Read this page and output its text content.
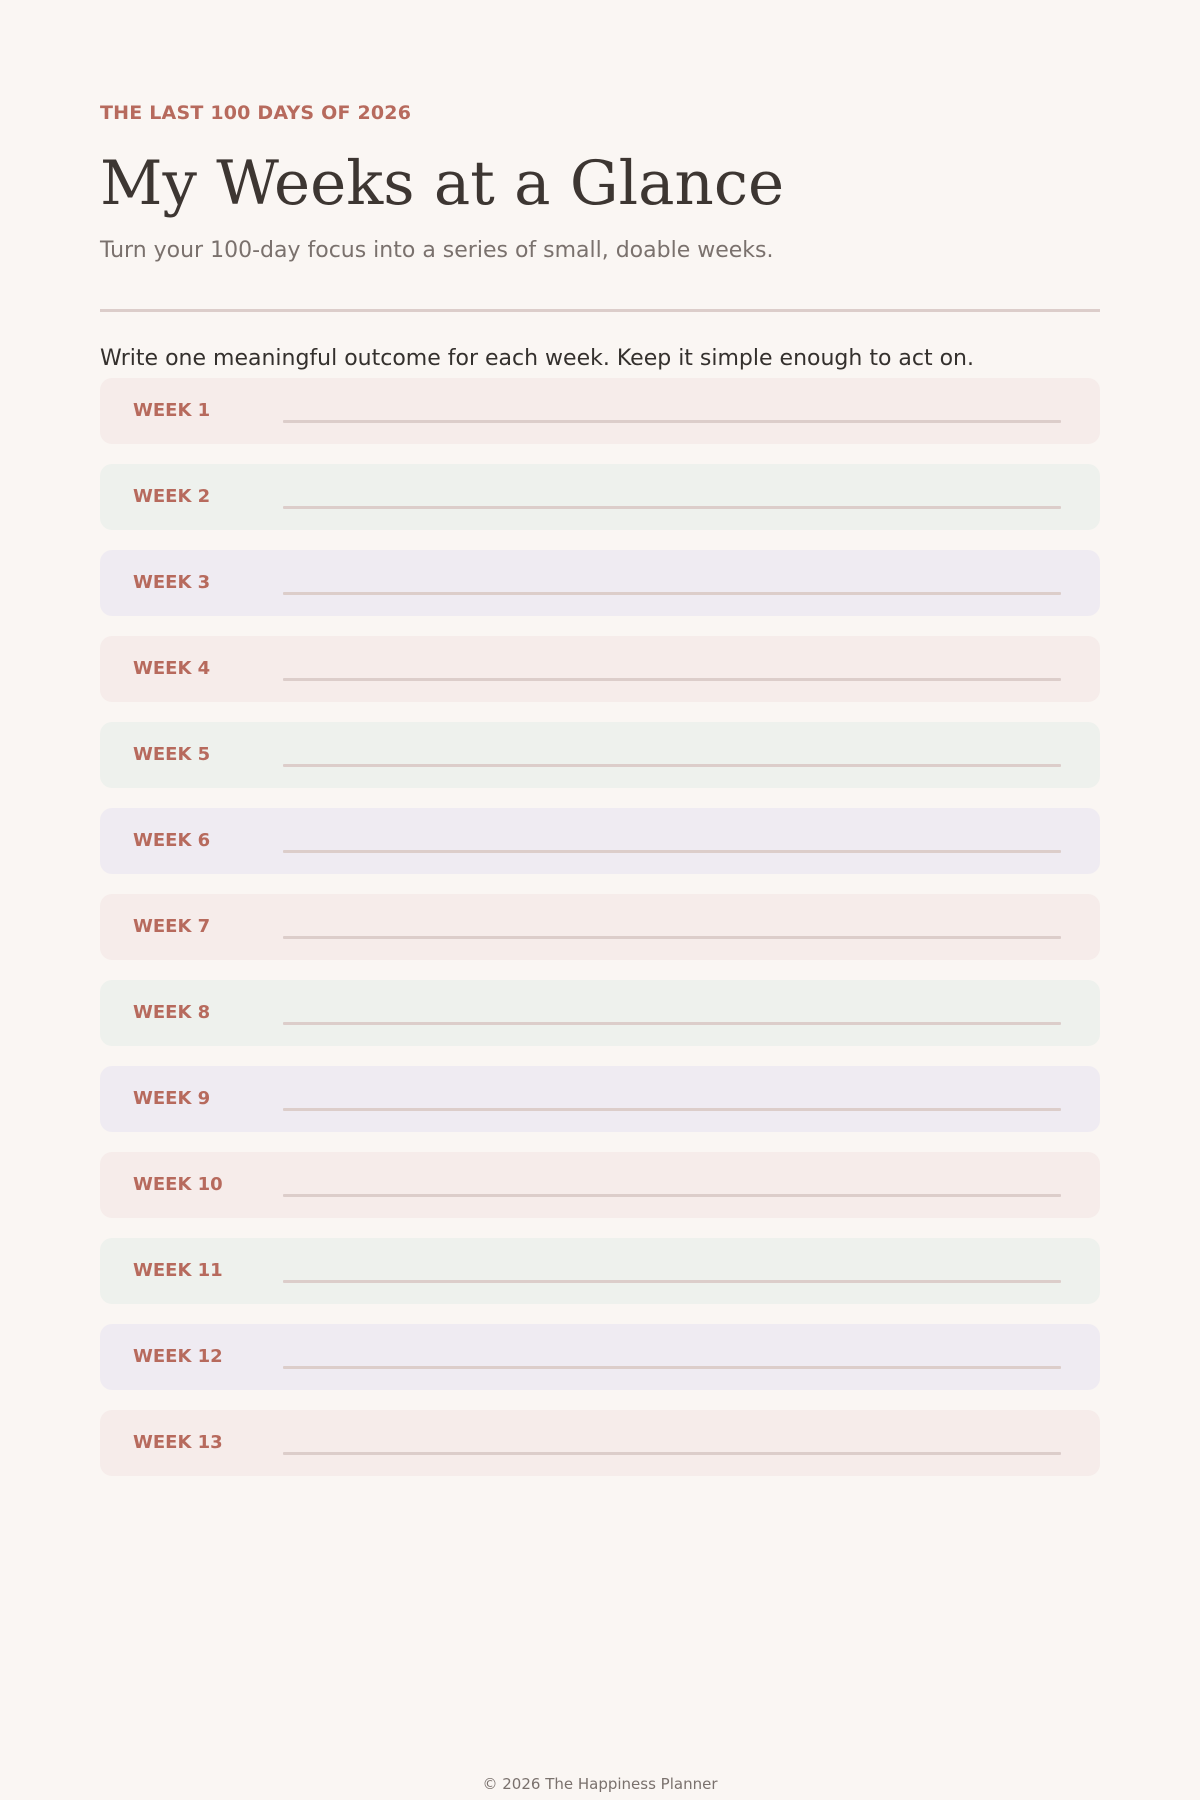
THE LAST 100 DAYS OF 2026
My Weeks at a Glance
Turn your 100-day focus into a series of small, doable weeks.
Write one meaningful outcome for each week. Keep it simple enough to act on.
WEEK 1
WEEK 2
WEEK 3
WEEK 4
WEEK 5
WEEK 6
WEEK 7
WEEK 8
WEEK 9
WEEK 10
WEEK 11
WEEK 12
WEEK 13
© 2026 The Happiness Planner
